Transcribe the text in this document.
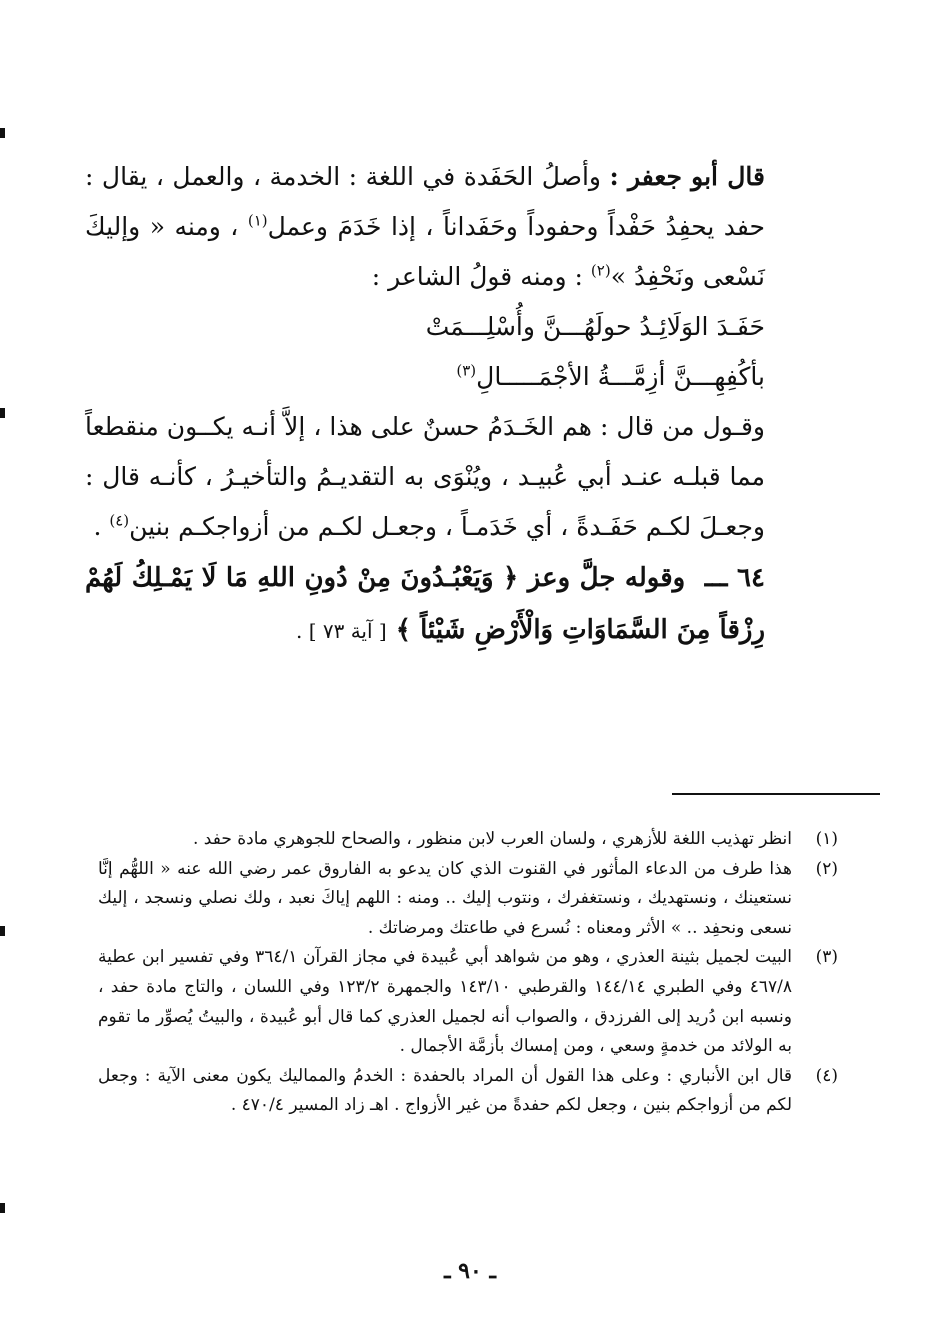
قال أبو جعفر : وأصلُ الحَفَدة في اللغة : الخدمة ، والعمل ، يقال : حفد يحفِدُ حَفْداً وحفوداً وحَفَداناً ، إذا خَدَمَ وعمل$^{(١)}$ ، ومنه « وإليكَ نَسْعى ونَحْفِدُ »$^{(٢)}$ : ومنه قولُ الشاعر :

حَفَـدَ الوَلَائِـدُ حولَهُـــنَّ وأُسْلِـــمَتْ

بأكُفِهِـــنَّ أزِمَّـــةُ الأجْمَـــــالِ$^{(٣)}$

وقـول من قال : هم الخَـدَمُ حسنٌ على هذا ، إلاَّ أنـه يكــون منقطعاً مما قبلـه عنـد أبي عُبيـد ، ويُنْوَى به التقديـمُ والتأخيـرُ ، كأنـه قال : وجعـلَ لكـم حَفَـدةً ، أي خَدَمـاً ، وجعـل لكـم من أزواجكـم بنين$^{(٤)}$ .

٦٤ ـــ وقوله جلَّ وعز ﴿ وَيَعْبُـدُونَ مِنْ دُونِ اللهِ مَا لَا يَمْـلِكُ لَهُمْ رِزْقاً مِنَ السَّمَاوَاتِ وَالْأَرْضِ شَيْئاً ﴾ [ آية ٧٣ ] .

(١)
انظر تهذيب اللغة للأزهري ، ولسان العرب لابن منظور ، والصحاح للجوهري مادة حفد .
(٢)
هذا طرف من الدعاء المأثور في القنوت الذي كان يدعو به الفاروق عمر رضي الله عنه « اللهُّم إنَّا نستعينك ، ونستهديك ، ونستغفرك ، ونتوب إليك .. ومنه : اللهم إياكَ نعبد ، ولك نصلي ونسجد ، إليك نسعى ونحفِد .. » الأثر ومعناه : نُسرع في طاعتك ومرضاتك .
(٣)
البيت لجميل بثينة العذري ، وهو من شواهد أبي عُبيدة في مجاز القرآن ٣٦٤/١ وفي تفسير ابن عطية ٤٦٧/٨ وفي الطبري ١٤٤/١٤ والقرطبي ١٤٣/١٠ والجمهرة ١٢٣/٢ وفي اللسان ، والتاج مادة حفد ، ونسبه ابن دُريد إلى الفرزدق ، والصواب أنه لجميل العذري كما قال أبو عُبيدة ، والبيتُ يُصوِّر ما تقوم به الولائد من خدمةٍ وسعي ، ومن إمساك بأزمَّة الأجمال .
(٤)
قال ابن الأنباري : وعلى هذا القول أن المراد بالحفدة : الخدمُ والمماليك يكون معنى الآية : وجعل لكم من أزواجكم بنين ، وجعل لكم حفدةً من غير الأزواج . اهـ زاد المسير ٤٧٠/٤ .
ـ ٩٠ ـ
